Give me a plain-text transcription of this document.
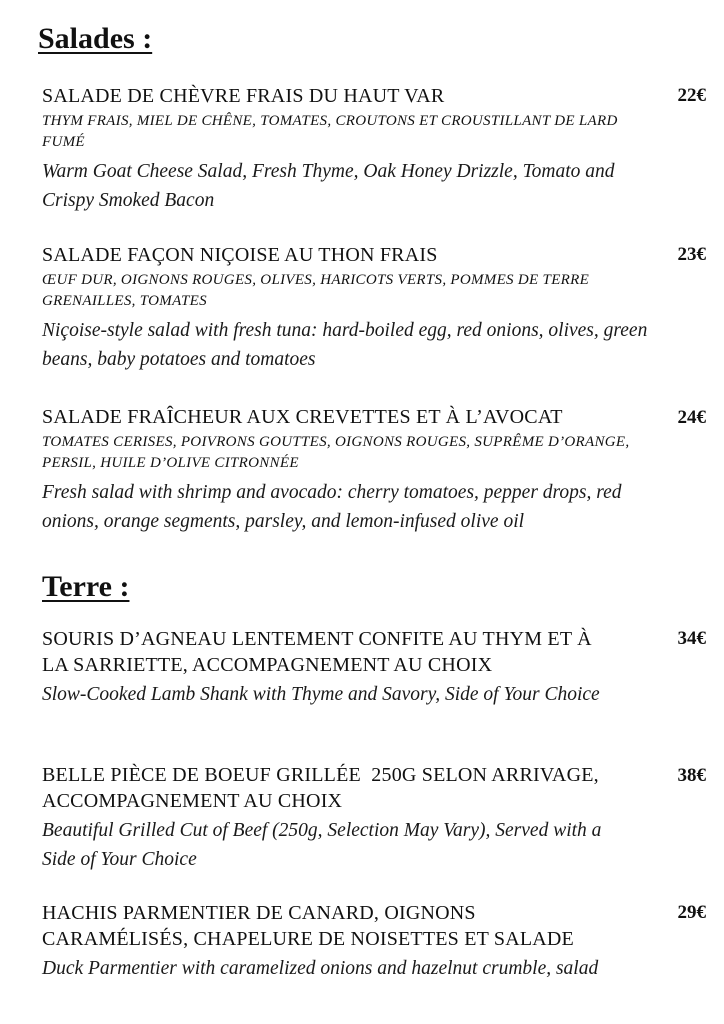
Salades :

SALADE DE CHÈVRE FRAIS DU HAUT VAR

THYM FRAIS, MIEL DE CHÊNE, TOMATES, CROUTONS ET CROUSTILLANT DE LARD FUMÉ

Warm Goat Cheese Salad, Fresh Thyme, Oak Honey Drizzle, Tomato and Crispy Smoked Bacon

22€

SALADE FAÇON NIÇOISE AU THON FRAIS

ŒUF DUR, OIGNONS ROUGES, OLIVES, HARICOTS VERTS, POMMES DE TERRE GRENAILLES, TOMATES

Niçoise-style salad with fresh tuna: hard-boiled egg, red onions, olives, green beans, baby potatoes and tomatoes

23€

SALADE FRAÎCHEUR AUX CREVETTES ET À L’AVOCAT

TOMATES CERISES, POIVRONS GOUTTES, OIGNONS ROUGES, SUPRÊME D’ORANGE, PERSIL, HUILE D’OLIVE CITRONNÉE

Fresh salad with shrimp and avocado: cherry tomatoes, pepper drops, red onions, orange segments, parsley, and lemon-infused olive oil

24€
Terre :

SOURIS D’AGNEAU LENTEMENT CONFITE AU THYM ET À LA SARRIETTE, ACCOMPAGNEMENT AU CHOIX

Slow-Cooked Lamb Shank with Thyme and Savory, Side of Your Choice

34€

BELLE PIÈCE DE BOEUF GRILLÉE  250G SELON ARRIVAGE, ACCOMPAGNEMENT AU CHOIX

Beautiful Grilled Cut of Beef (250g, Selection May Vary), Served with a Side of Your Choice

38€

HACHIS PARMENTIER DE CANARD, OIGNONS CARAMÉLISÉS, CHAPELURE DE NOISETTES ET SALADE

Duck Parmentier with caramelized onions and hazelnut crumble, salad

29€
